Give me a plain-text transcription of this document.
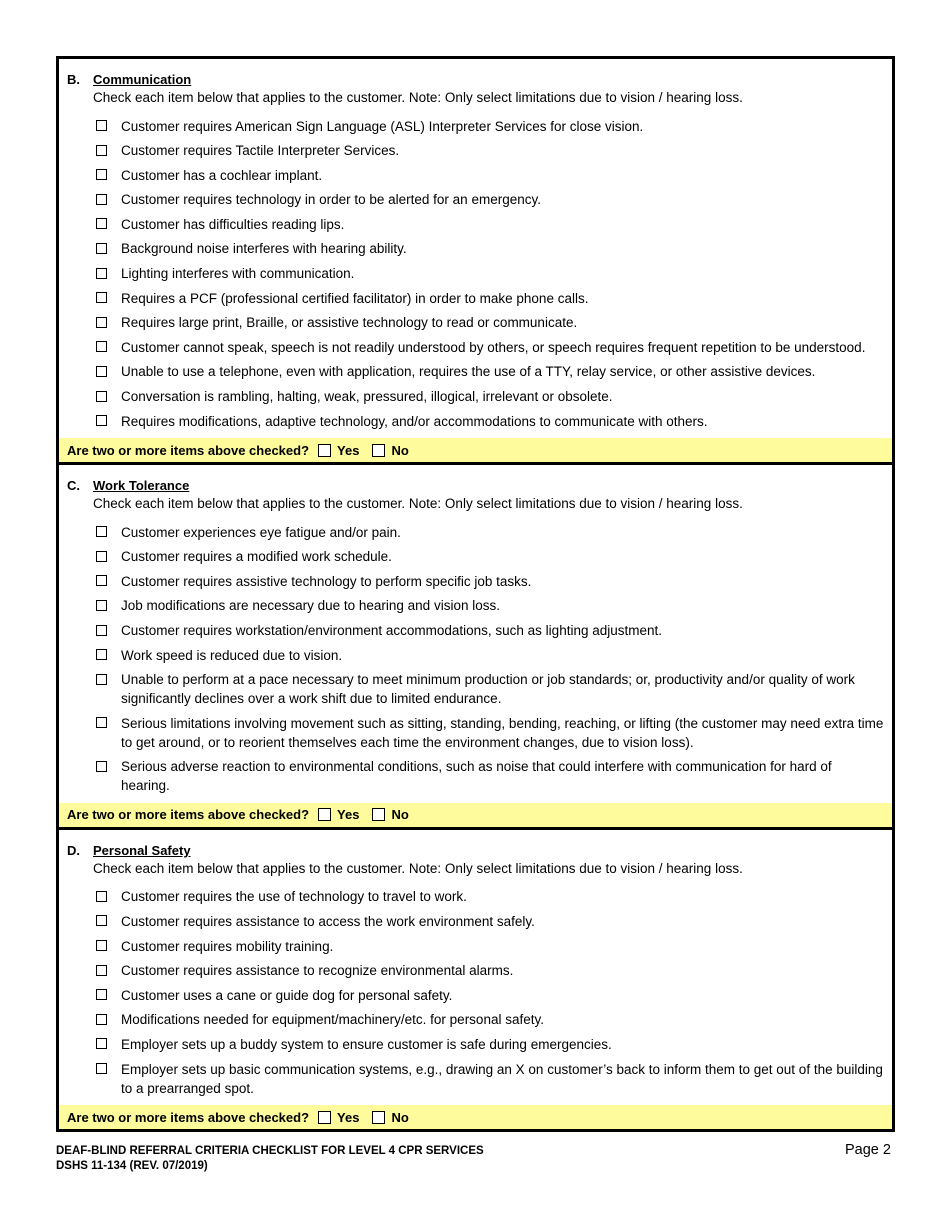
B. Communication
Check each item below that applies to the customer. Note: Only select limitations due to vision / hearing loss.
Customer requires American Sign Language (ASL) Interpreter Services for close vision.
Customer requires Tactile Interpreter Services.
Customer has a cochlear implant.
Customer requires technology in order to be alerted for an emergency.
Customer has difficulties reading lips.
Background noise interferes with hearing ability.
Lighting interferes with communication.
Requires a PCF (professional certified facilitator) in order to make phone calls.
Requires large print, Braille, or assistive technology to read or communicate.
Customer cannot speak, speech is not readily understood by others, or speech requires frequent repetition to be understood.
Unable to use a telephone, even with application, requires the use of a TTY, relay service, or other assistive devices.
Conversation is rambling, halting, weak, pressured, illogical, irrelevant or obsolete.
Requires modifications, adaptive technology, and/or accommodations to communicate with others.
Are two or more items above checked? Yes No
C. Work Tolerance
Check each item below that applies to the customer. Note: Only select limitations due to vision / hearing loss.
Customer experiences eye fatigue and/or pain.
Customer requires a modified work schedule.
Customer requires assistive technology to perform specific job tasks.
Job modifications are necessary due to hearing and vision loss.
Customer requires workstation/environment accommodations, such as lighting adjustment.
Work speed is reduced due to vision.
Unable to perform at a pace necessary to meet minimum production or job standards; or, productivity and/or quality of work significantly declines over a work shift due to limited endurance.
Serious limitations involving movement such as sitting, standing, bending, reaching, or lifting (the customer may need extra time to get around, or to reorient themselves each time the environment changes, due to vision loss).
Serious adverse reaction to environmental conditions, such as noise that could interfere with communication for hard of hearing.
Are two or more items above checked? Yes No
D. Personal Safety
Check each item below that applies to the customer. Note: Only select limitations due to vision / hearing loss.
Customer requires the use of technology to travel to work.
Customer requires assistance to access the work environment safely.
Customer requires mobility training.
Customer requires assistance to recognize environmental alarms.
Customer uses a cane or guide dog for personal safety.
Modifications needed for equipment/machinery/etc. for personal safety.
Employer sets up a buddy system to ensure customer is safe during emergencies.
Employer sets up basic communication systems, e.g., drawing an X on customer’s back to inform them to get out of the building to a prearranged spot.
Are two or more items above checked? Yes No
DEAF-BLIND REFERRAL CRITERIA CHECKLIST FOR LEVEL 4 CPR SERVICES
DSHS 11-134 (REV. 07/2019)
Page 2
